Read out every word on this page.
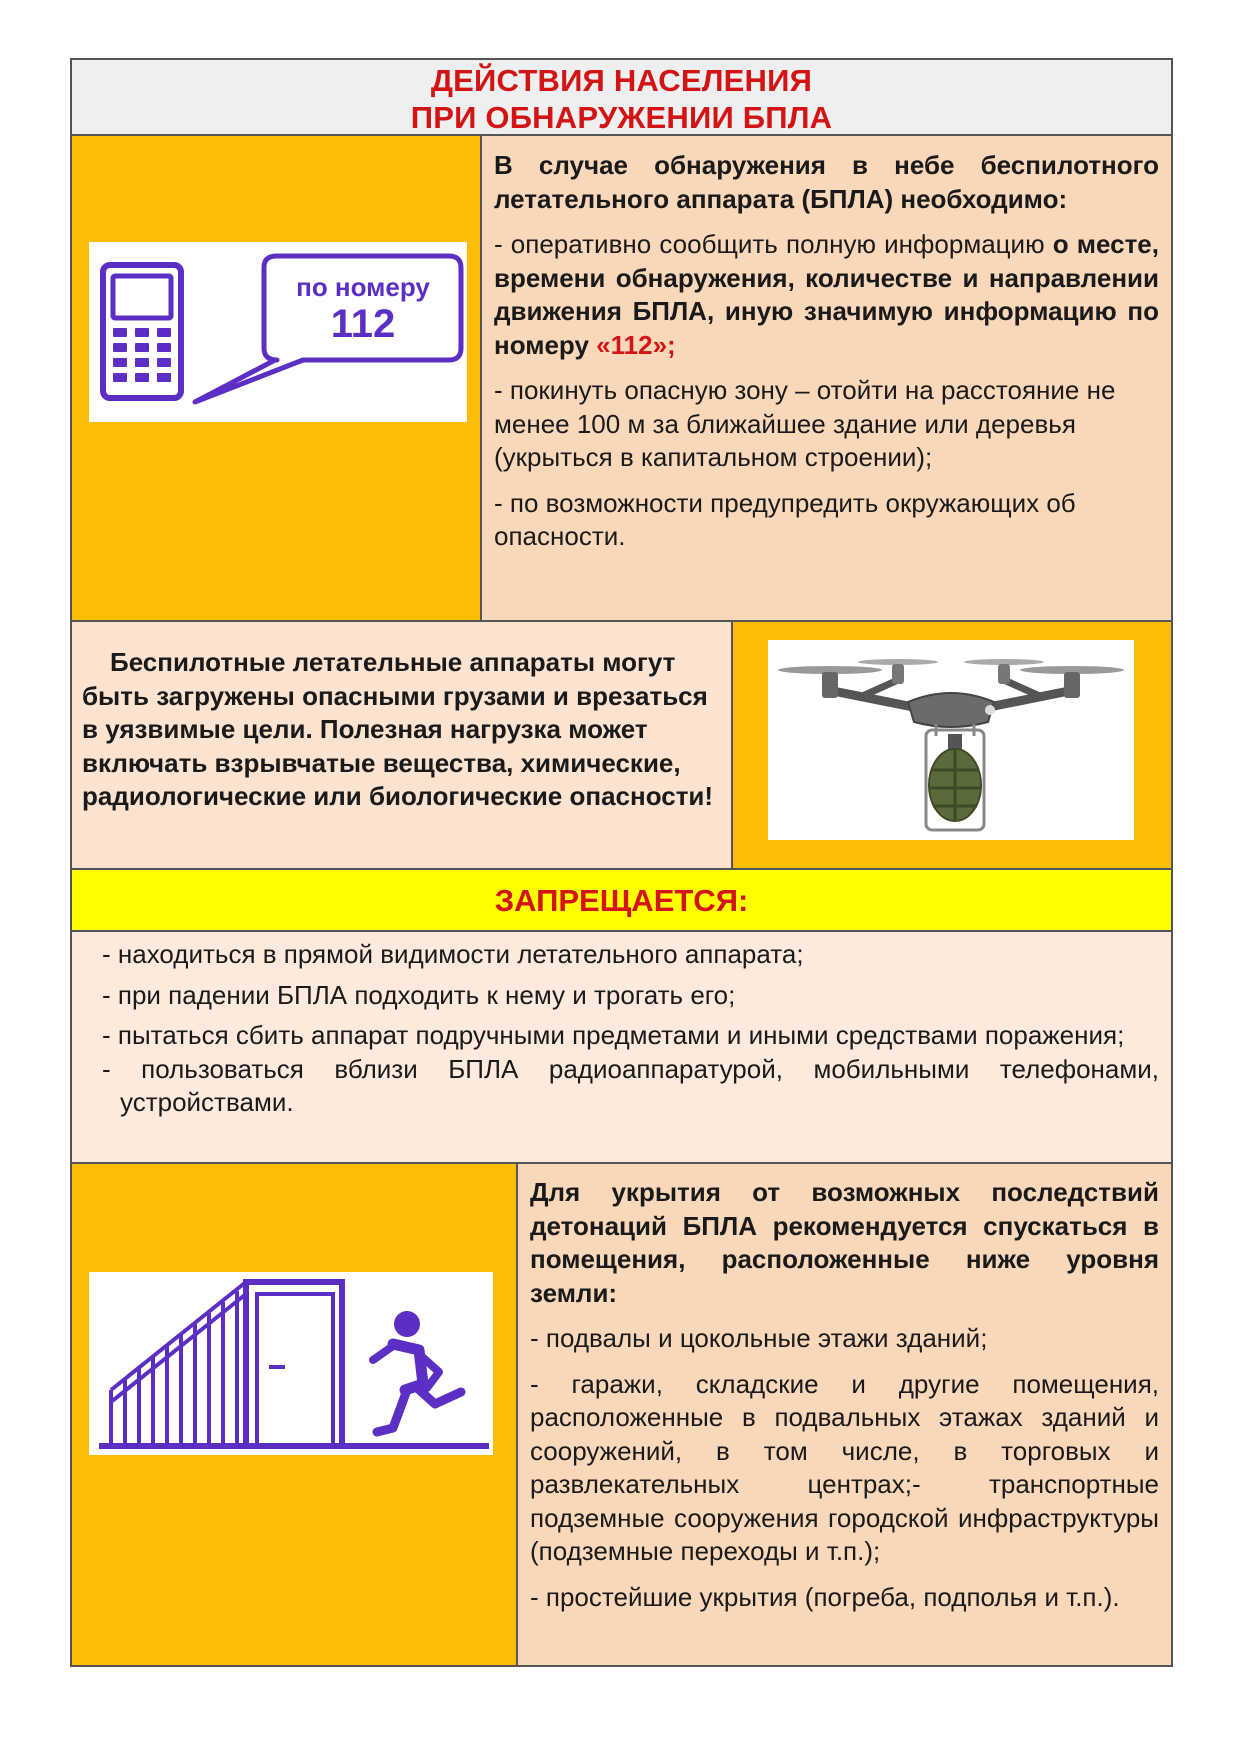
ДЕЙСТВИЯ НАСЕЛЕНИЯ
ПРИ ОБНАРУЖЕНИИ БПЛА
по номеру
112

В случае обнаружения в небе беспилотного летательного аппарата (БПЛА) необходимо:

- оперативно сообщить полную информацию о месте, времени обнаружения, количестве и направлении движения БПЛА, иную значимую информацию по номеру «112»;

- покинуть опасную зону – отойти на расстояние не менее 100 м за ближайшее здание или деревья (укрыться в капитальном строении);

- по возможности предупредить окружающих об опасности.

Беспилотные летательные аппараты могут быть загружены опасными грузами и врезаться в уязвимые цели. Полезная нагрузка может включать взрывчатые вещества, химические, радиологические или биологические опасности!

ЗАПРЕЩАЕТСЯ:

- находиться в прямой видимости летательного аппарата;

- при падении БПЛА подходить к нему и трогать его;

- пытаться сбить аппарат подручными предметами и иными средствами поражения;

- пользоваться вблизи БПЛА радиоаппаратурой, мобильными телефонами, устройствами.

Для укрытия от возможных последствий детонаций БПЛА рекомендуется спускаться в помещения, расположенные ниже уровня земли:

- подвалы и цокольные этажи зданий;

- гаражи, складские и другие помещения, расположенные в подвальных этажах зданий и сооружений, в том числе, в торговых и развлекательных центрах;- транспортные подземные сооружения городской инфраструктуры (подземные переходы и т.п.);

- простейшие укрытия (погреба, подполья и т.п.).
